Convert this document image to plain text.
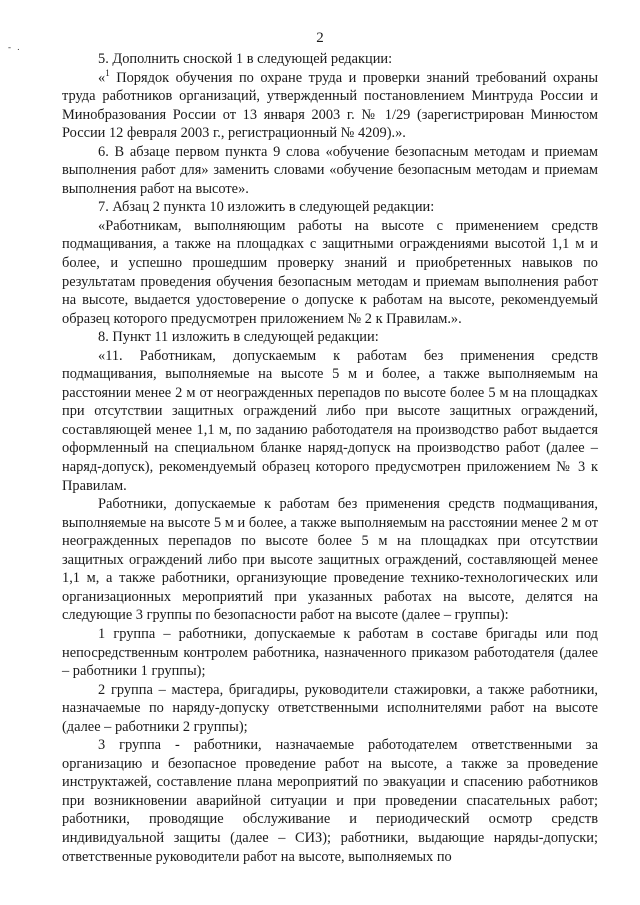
- .
2

5. Дополнить сноской 1 в следующей редакции:

«$^1$ Порядок обучения по охране труда и проверки знаний требований охраны труда работников организаций, утвержденный постановлением Минтруда России и Минобразования России от 13 января 2003 г. № 1/29 (зарегистрирован Минюстом России 12 февраля 2003 г., регистрационный № 4209).».

6. В абзаце первом пункта 9 слова «обучение безопасным методам и приемам выполнения работ для» заменить словами «обучение безопасным методам и приемам выполнения работ на высоте».

7. Абзац 2 пункта 10 изложить в следующей редакции:

«Работникам, выполняющим работы на высоте с применением средств подмащивания, а также на площадках с защитными ограждениями высотой 1,1 м и более, и успешно прошедшим проверку знаний и приобретенных навыков по результатам проведения обучения безопасным методам и приемам выполнения работ на высоте, выдается удостоверение о допуске к работам на высоте, рекомендуемый образец которого предусмотрен приложением № 2 к Правилам.».

8. Пункт 11 изложить в следующей редакции:

«11. Работникам, допускаемым к работам без применения средств подмащивания, выполняемые на высоте 5 м и более, а также выполняемым на расстоянии менее 2 м от неогражденных перепадов по высоте более 5 м на площадках при отсутствии защитных ограждений либо при высоте защитных ограждений, составляющей менее 1,1 м, по заданию работодателя на производство работ выдается оформленный на специальном бланке наряд-допуск на производство работ (далее – наряд-допуск), рекомендуемый образец которого предусмотрен приложением № 3 к Правилам.

Работники, допускаемые к работам без применения средств подмащивания, выполняемые на высоте 5 м и более, а также выполняемым на расстоянии менее 2 м от неогражденных перепадов по высоте более 5 м на площадках при отсутствии защитных ограждений либо при высоте защитных ограждений, составляющей менее 1,1 м, а также работники, организующие проведение технико-технологических или организационных мероприятий при указанных работах на высоте, делятся на следующие 3 группы по безопасности работ на высоте (далее – группы):

1 группа – работники, допускаемые к работам в составе бригады или под непосредственным контролем работника, назначенного приказом работодателя (далее – работники 1 группы);

2 группа – мастера, бригадиры, руководители стажировки, а также работники, назначаемые по наряду-допуску ответственными исполнителями работ на высоте (далее – работники 2 группы);

3 группа - работники, назначаемые работодателем ответственными за организацию и безопасное проведение работ на высоте, а также за проведение инструктажей, составление плана мероприятий по эвакуации и спасению работников при возникновении аварийной ситуации и при проведении спасательных работ; работники, проводящие обслуживание и периодический осмотр средств индивидуальной защиты (далее – СИЗ); работники, выдающие наряды-допуски; ответственные руководители работ на высоте, выполняемых по
